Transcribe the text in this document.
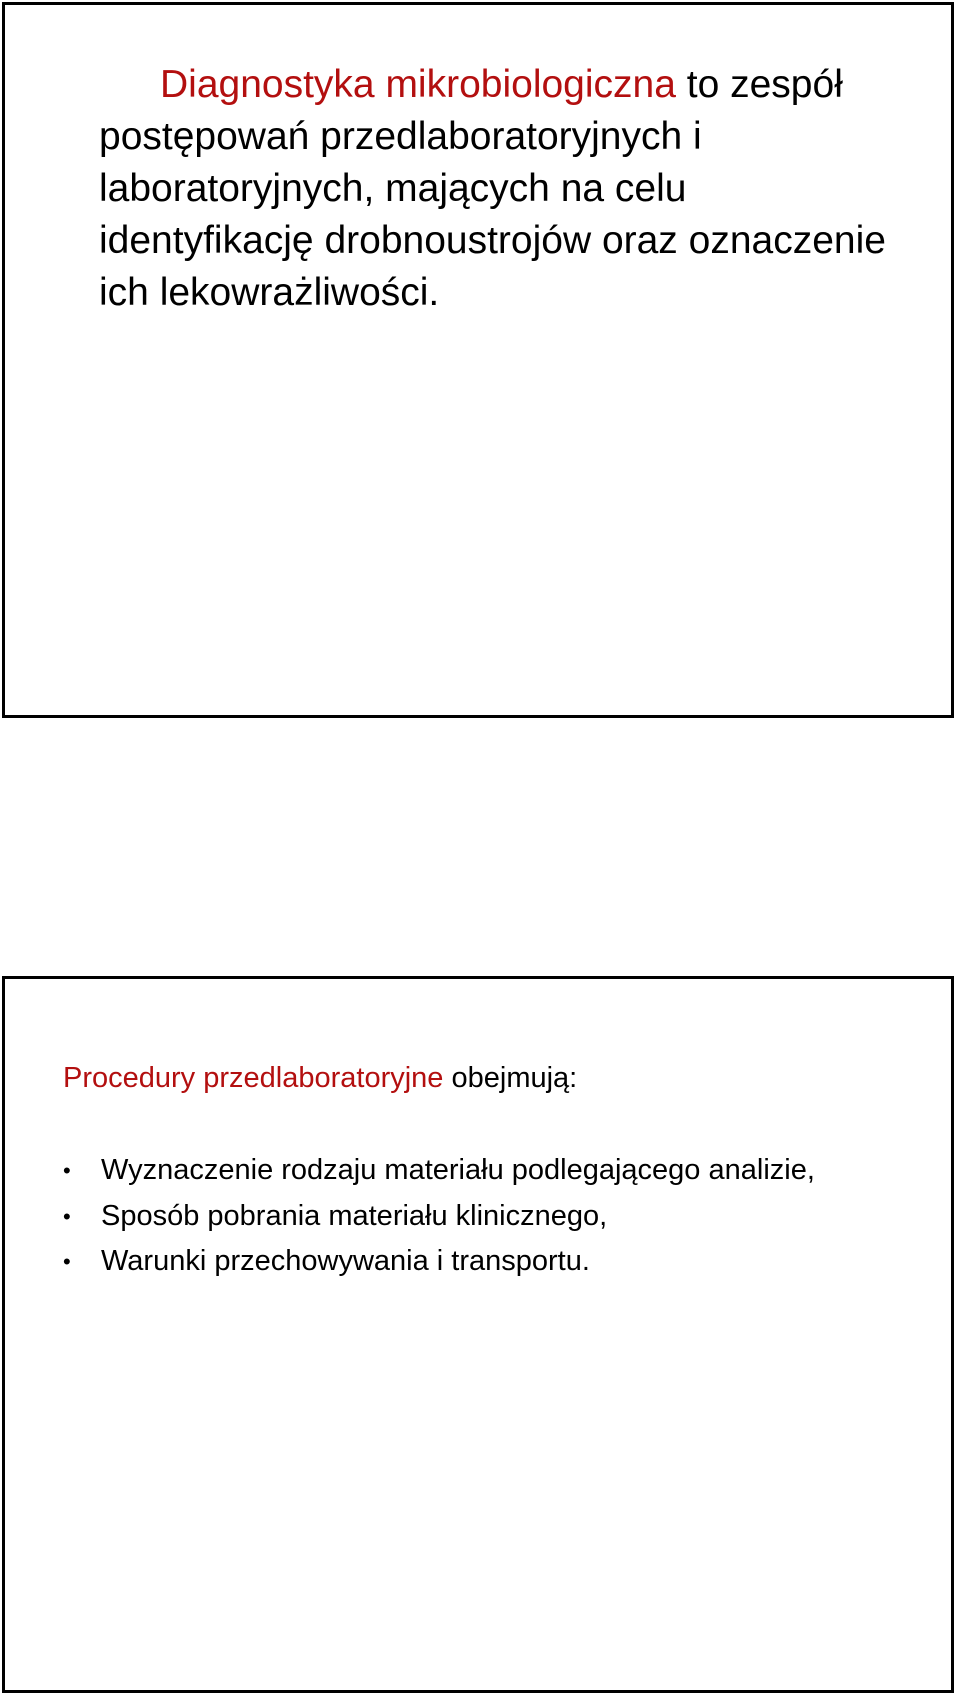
Diagnostyka mikrobiologiczna to zespół postępowań przedlaboratoryjnych i laboratoryjnych, mających na celu identyfikację drobnoustrojów oraz oznaczenie ich lekowrażliwości.

Procedury przedlaboratoryjne obejmują:

• Wyznaczenie rodzaju materiału podlegającego analizie,
• Sposób pobrania materiału klinicznego,
• Warunki przechowywania i transportu.
